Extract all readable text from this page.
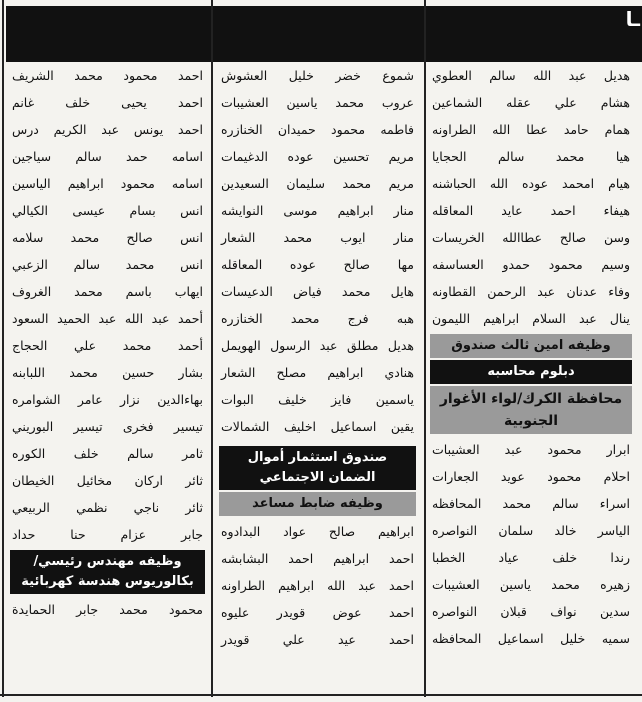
ـا
هديل عبد الله سالم العطوي
هشام علي عقله الشماعين
همام حامد عطا الله الطراونه
هيا محمد سالم الحجايا
هيام امحمد عوده الله الحباشنه
هيفاء احمد عايد المعاقله
وسن صالح عطاالله الخريسات
وسيم محمود حمدو العساسفه
وفاء عدنان عبد الرحمن القطاونه
ينال عبد السلام ابراهيم الليمون
وظيفه امين ثالث صندوق
دبلوم محاسبه
محافظة الكرك/لواء الأغوار الجنوبية
ابرار محمود عبد العشيبات
احلام محمود عويد الجعارات
اسراء سالم محمد المحافظه
الياسر خالد سلمان النواصره
رندا خلف عياد الخطبا
زهيره محمد ياسين العشيبات
سدين نواف قبلان النواصره
سميه خليل اسماعيل المحافظه
شموع خضر خليل العشوش
عروب محمد ياسين العشيبات
فاطمه محمود حميدان الخنازره
مريم تحسين عوده الدغيمات
مريم محمد سليمان السعيدين
منار ابراهيم موسى النوايشه
منار ايوب محمد الشعار
مها صالح عوده المعاقله
هايل محمد فياض الدعيسات
هبه فرج محمد الخنازره
هديل مطلق عبد الرسول الهويمل
هنادي ابراهيم مصلح الشعار
ياسمين فايز خليف البوات
يقين اسماعيل اخليف الشمالات
صندوق استثمار أموال الضمان الاجتماعي
وظيفه ضابط مساعد
ابراهيم صالح عواد البدادوه
احمد ابراهيم احمد البشابشه
احمد عبد الله ابراهيم الطراونه
احمد عوض قويدر عليوه
احمد عيد علي قويدر
احمد محمود محمد الشريف
احمد يحيى خلف غانم
احمد يونس عبد الكريم درس
اسامه حمد سالم سياجين
اسامه محمود ابراهيم الياسين
انس بسام عيسى الكيالي
انس صالح محمد سلامه
انس محمد سالم الزعبي
ايهاب باسم محمد الغروف
أحمد عبد الله عبد الحميد السعود
أحمد محمد علي الحجاج
بشار حسين محمد اللبابنه
بهاءالدين نزار عامر الشوامره
تيسير فخرى تيسير البوريني
ثامر سالم خلف الكوره
ثائر اركان مخائيل الخيطان
ثائر ناجي نظمي الربيعي
جابر عزام حنا حداد
وظيفه مهندس رئيسي/ بكالوريوس هندسة كهربائية
محمود محمد جابر الحمايدة
